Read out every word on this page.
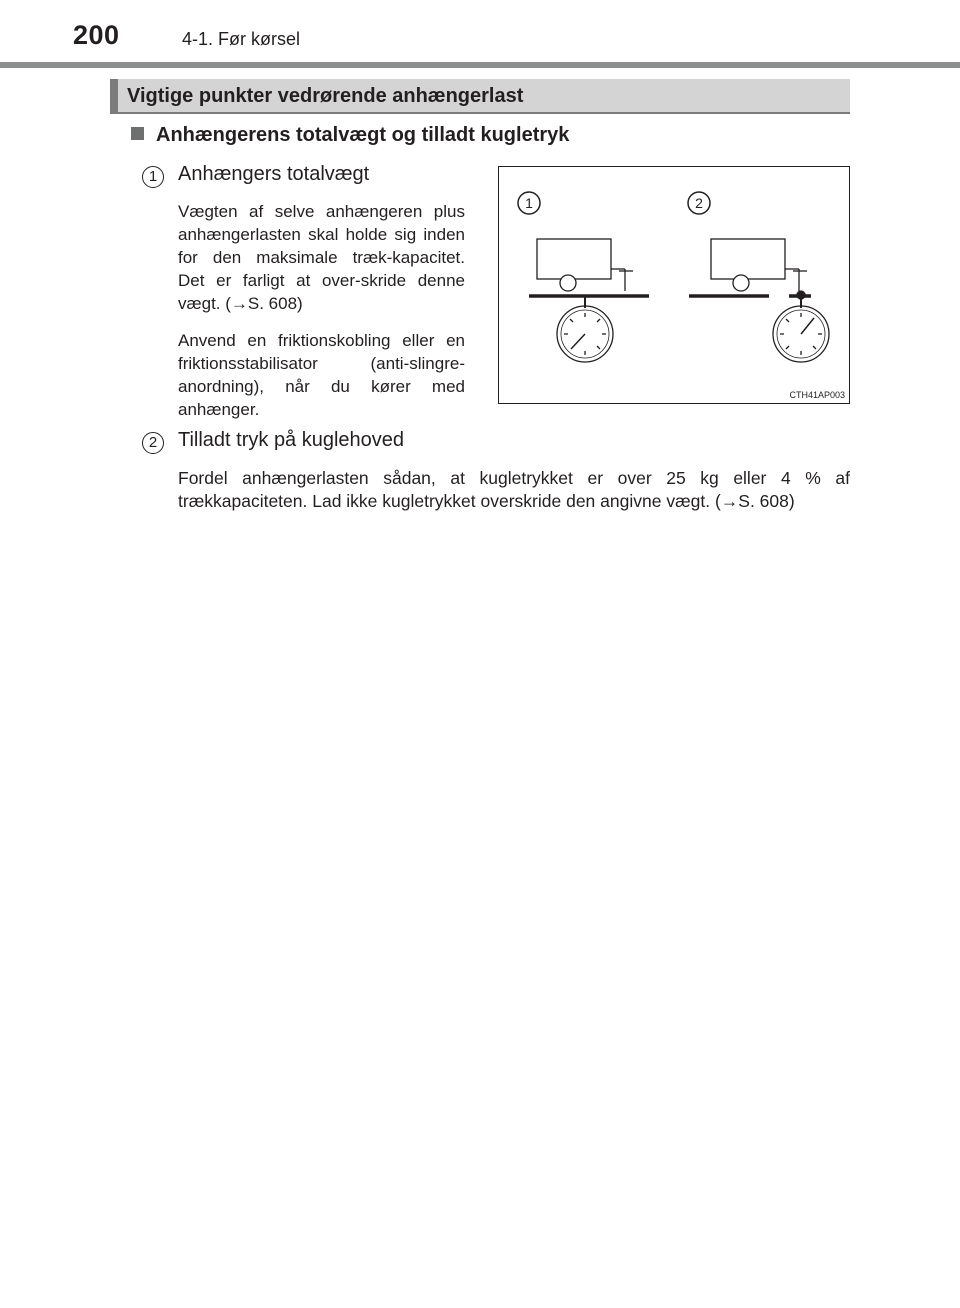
200	4-1. Før kørsel
Vigtige punkter vedrørende anhængerlast
Anhængerens totalvægt og tilladt kugletryk
1	Anhængers totalvægt
Vægten af selve anhængeren plus anhængerlasten skal holde sig inden for den maksimale træk-kapacitet. Det er farligt at over-skride denne vægt. (→S. 608)
Anvend en friktionskobling eller en friktionsstabilisator (anti-slingre-anordning), når du kører med anhænger.
2	Tilladt tryk på kuglehoved
Fordel anhængerlasten sådan, at kugletrykket er over 25 kg eller 4 % af trækkapaciteten. Lad ikke kugletrykket overskride den angivne vægt. (→S. 608)
1	2
CTH41AP003
